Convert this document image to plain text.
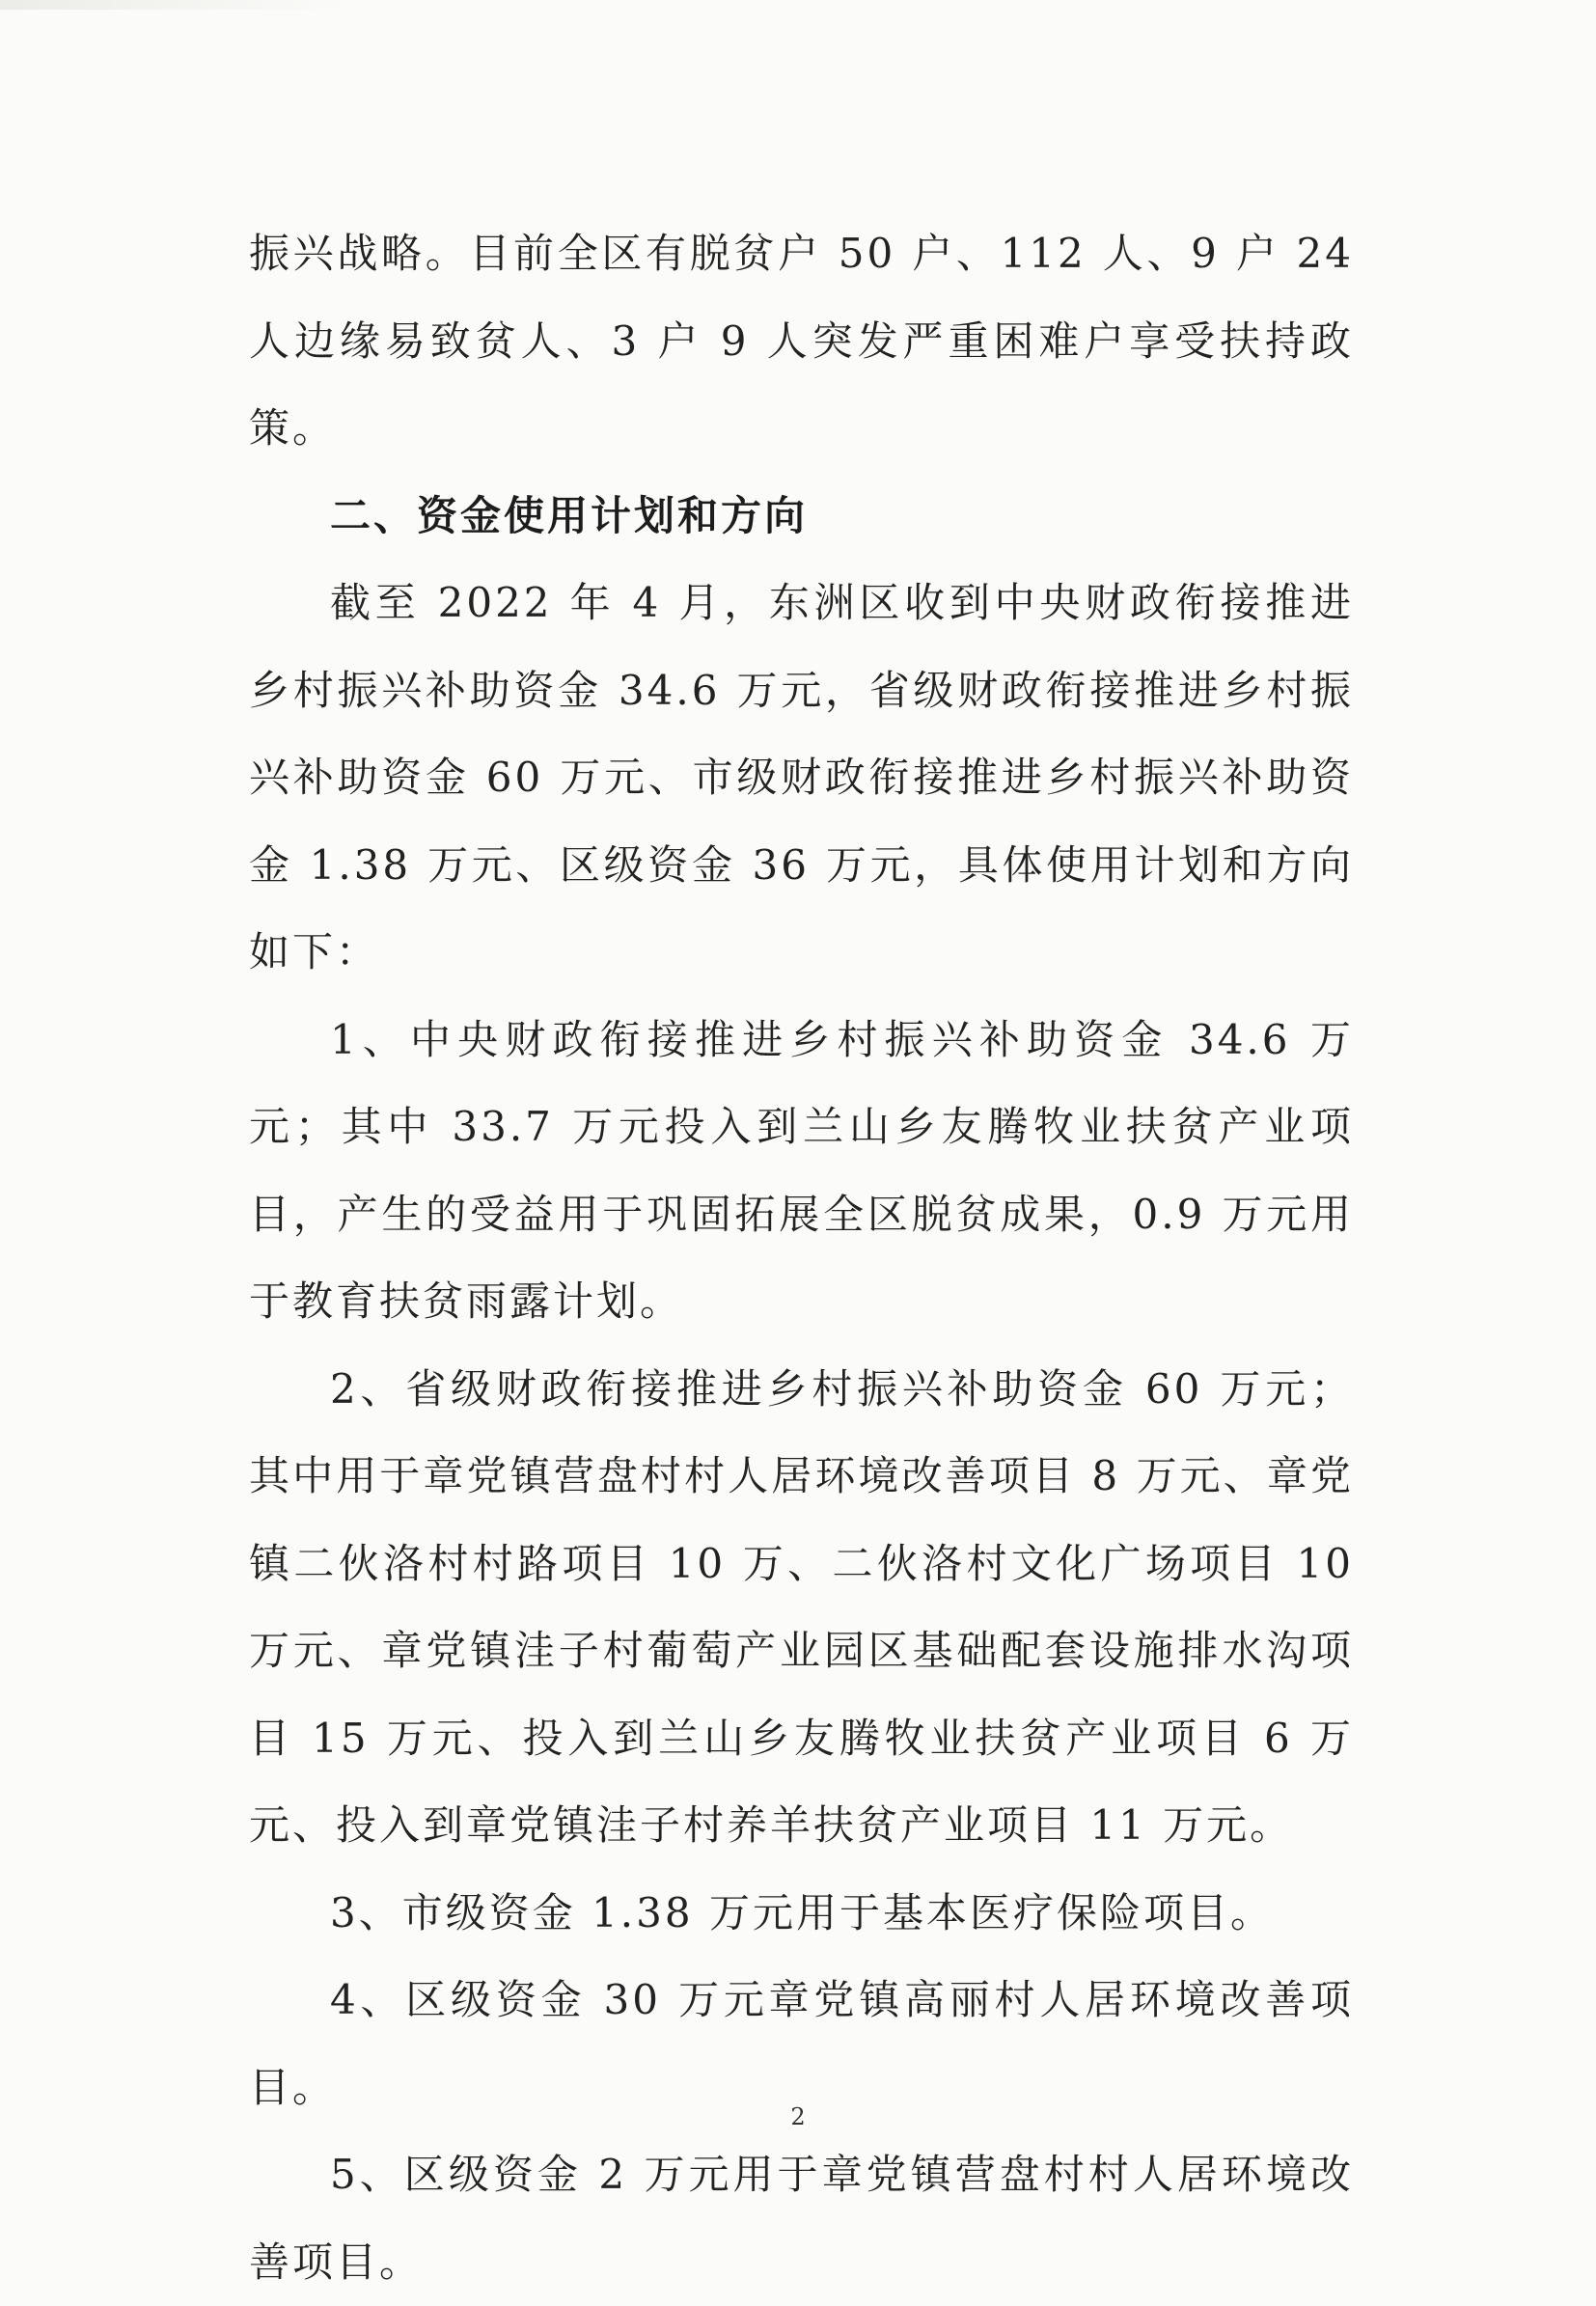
振兴战略。目前全区有脱贫户 50 户、112 人、9 户 24 人边缘易致贫人、3 户 9 人突发严重困难户享受扶持政策。

二、资金使用计划和方向

截至 2022 年 4 月，东洲区收到中央财政衔接推进乡村振兴补助资金 34.6 万元，省级财政衔接推进乡村振兴补助资金 60 万元、市级财政衔接推进乡村振兴补助资金 1.38 万元、区级资金 36 万元，具体使用计划和方向如下：

1、中央财政衔接推进乡村振兴补助资金 34.6 万元；其中 33.7 万元投入到兰山乡友腾牧业扶贫产业项目，产生的受益用于巩固拓展全区脱贫成果，0.9 万元用于教育扶贫雨露计划。

2、省级财政衔接推进乡村振兴补助资金 60 万元；其中用于章党镇营盘村村人居环境改善项目 8 万元、章党镇二伙洛村村路项目 10 万、二伙洛村文化广场项目 10 万元、章党镇洼子村葡萄产业园区基础配套设施排水沟项目 15 万元、投入到兰山乡友腾牧业扶贫产业项目 6 万元、投入到章党镇洼子村养羊扶贫产业项目 11 万元。

3、市级资金 1.38 万元用于基本医疗保险项目。

4、区级资金 30 万元章党镇高丽村人居环境改善项目。

5、区级资金 2 万元用于章党镇营盘村村人居环境改善项目。

2
